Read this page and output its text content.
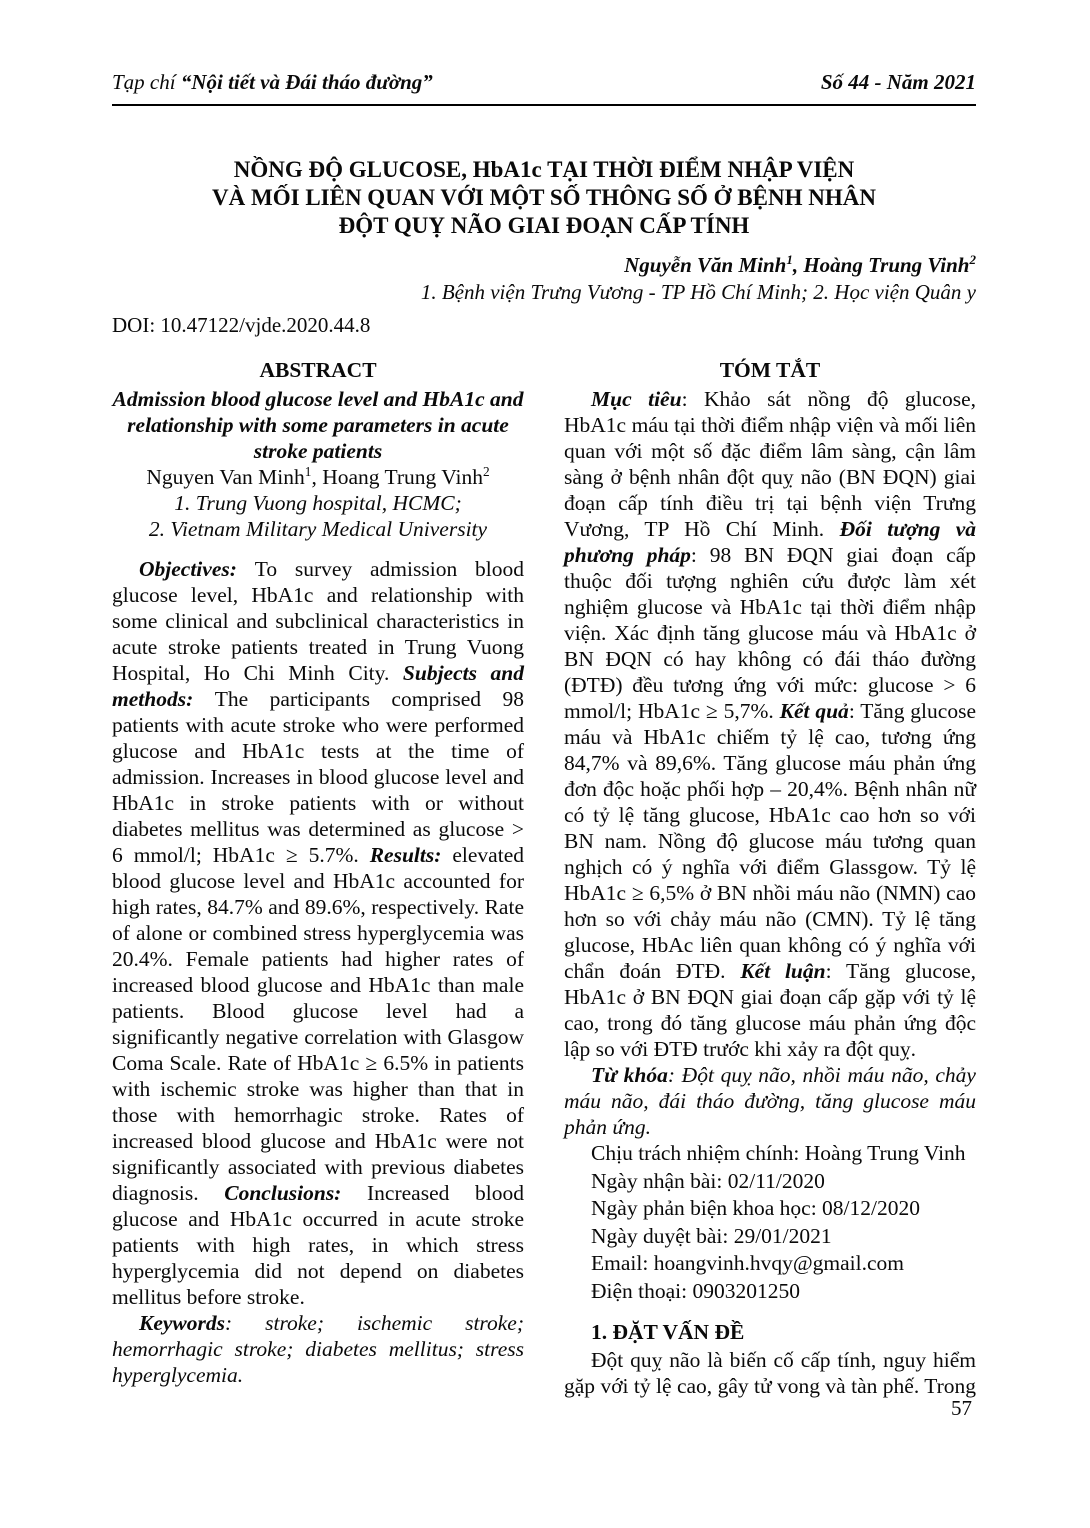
Tạp chí “Nội tiết và Đái tháo đường”	Số 44 - Năm 2021
NỒNG ĐỘ GLUCOSE, HbA1c TẠI THỜI ĐIỂM NHẬP VIỆN
VÀ MỐI LIÊN QUAN VỚI MỘT SỐ THÔNG SỐ Ở BỆNH NHÂN
ĐỘT QUỴ NÃO GIAI ĐOẠN CẤP TÍNH
Nguyễn Văn Minh$^1$, Hoàng Trung Vinh$^2$
1. Bệnh viện Trưng Vương - TP Hồ Chí Minh; 2. Học viện Quân y
DOI: 10.47122/vjde.2020.44.8
ABSTRACT
Admission blood glucose level and HbA1c and relationship with some parameters in acute stroke patients
Nguyen Van Minh$^1$, Hoang Trung Vinh$^2$
1. Trung Vuong hospital, HCMC;
2. Vietnam Military Medical University
Objectives: To survey admission blood glucose level, HbA1c and relationship with some clinical and subclinical characteristics in acute stroke patients treated in Trung Vuong Hospital, Ho Chi Minh City. Subjects and methods: The participants comprised 98 patients with acute stroke who were performed glucose and HbA1c tests at the time of admission. Increases in blood glucose level and HbA1c in stroke patients with or without diabetes mellitus was determined as glucose > 6 mmol/l; HbA1c ≥ 5.7%. Results: elevated blood glucose level and HbA1c accounted for high rates, 84.7% and 89.6%, respectively. Rate of alone or combined stress hyperglycemia was 20.4%. Female patients had higher rates of increased blood glucose and HbA1c than male patients. Blood glucose level had a significantly negative correlation with Glasgow Coma Scale. Rate of HbA1c ≥ 6.5% in patients with ischemic stroke was higher than that in those with hemorrhagic stroke. Rates of increased blood glucose and HbA1c were not significantly associated with previous diabetes diagnosis. Conclusions: Increased blood glucose and HbA1c occurred in acute stroke patients with high rates, in which stress hyperglycemia did not depend on diabetes mellitus before stroke.
Keywords: stroke; ischemic stroke; hemorrhagic stroke; diabetes mellitus; stress hyperglycemia.
TÓM TẮT
Mục tiêu: Khảo sát nồng độ glucose, HbA1c máu tại thời điểm nhập viện và mối liên quan với một số đặc điểm lâm sàng, cận lâm sàng ở bệnh nhân đột quỵ não (BN ĐQN) giai đoạn cấp tính điều trị tại bệnh viện Trưng Vương, TP Hồ Chí Minh. Đối tượng và phương pháp: 98 BN ĐQN giai đoạn cấp thuộc đối tượng nghiên cứu được làm xét nghiệm glucose và HbA1c tại thời điểm nhập viện. Xác định tăng glucose máu và HbA1c ở BN ĐQN có hay không có đái tháo đường (ĐTĐ) đều tương ứng với mức: glucose > 6 mmol/l; HbA1c ≥ 5,7%. Kết quả: Tăng glucose máu và HbA1c chiếm tỷ lệ cao, tương ứng 84,7% và 89,6%. Tăng glucose máu phản ứng đơn độc hoặc phối hợp – 20,4%. Bệnh nhân nữ có tỷ lệ tăng glucose, HbA1c cao hơn so với BN nam. Nồng độ glucose máu tương quan nghịch có ý nghĩa với điểm Glassgow. Tỷ lệ HbA1c ≥ 6,5% ở BN nhồi máu não (NMN) cao hơn so với chảy máu não (CMN). Tỷ lệ tăng glucose, HbAc liên quan không có ý nghĩa với chẩn đoán ĐTĐ. Kết luận: Tăng glucose, HbA1c ở BN ĐQN giai đoạn cấp gặp với tỷ lệ cao, trong đó tăng glucose máu phản ứng độc lập so với ĐTĐ trước khi xảy ra đột quỵ.
Từ khóa: Đột quỵ não, nhồi máu não, chảy máu não, đái tháo đường, tăng glucose máu phản ứng.
Chịu trách nhiệm chính: Hoàng Trung Vinh
Ngày nhận bài: 02/11/2020
Ngày phản biện khoa học: 08/12/2020
Ngày duyệt bài: 29/01/2021
Email: hoangvinh.hvqy@gmail.com
Điện thoại: 0903201250
1. ĐẶT VẤN ĐỀ
Đột quỵ não là biến cố cấp tính, nguy hiểm gặp với tỷ lệ cao, gây tử vong và tàn phế. Trong
57
